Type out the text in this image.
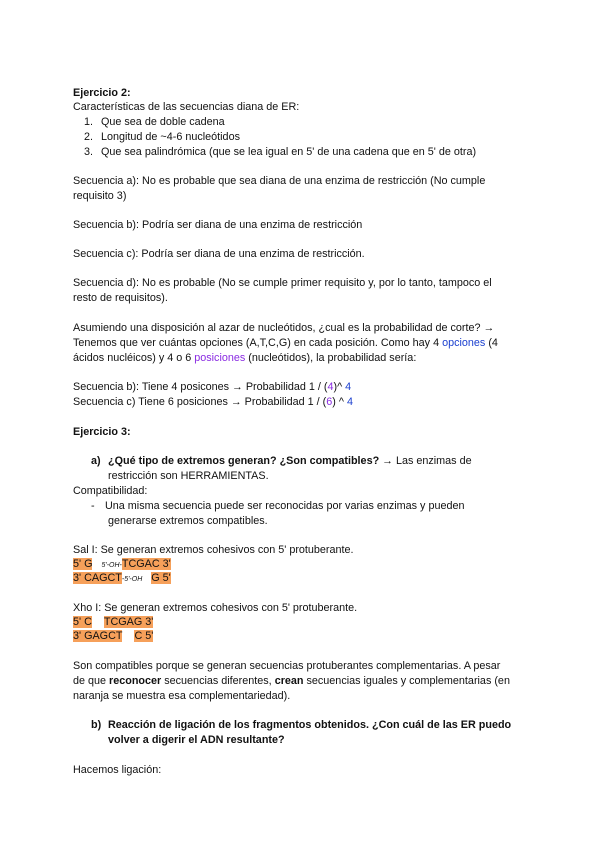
Ejercicio 2:
Características de las secuencias diana de ER:
1. Que sea de doble cadena
2. Longitud de ~4-6 nucleótidos
3. Que sea palindrómica (que se lea igual en 5' de una cadena que en 5' de otra)
Secuencia a): No es probable que sea diana de una enzima de restricción (No cumple
requisito 3)
Secuencia b): Podría ser diana de una enzima de restricción
Secuencia c): Podría ser diana de una enzima de restricción.
Secuencia d): No es probable (No se cumple primer requisito y, por lo tanto, tampoco el
resto de requisitos).
Asumiendo una disposición al azar de nucleótidos, ¿cual es la probabilidad de corte? →
Tenemos que ver cuántas opciones (A,T,C,G) en cada posición. Como hay 4 opciones (4
ácidos nucléicos) y 4 o 6 posiciones (nucleótidos), la probabilidad sería:
Secuencia b): Tiene 4 posicones → Probabilidad 1 / (4)^ 4
Secuencia c) Tiene 6 posiciones → Probabilidad 1 / (6) ^ 4
Ejercicio 3:
a) ¿Qué tipo de extremos generan? ¿Son compatibles? → Las enzimas de
restricción son HERRAMIENTAS.
Compatibilidad:
- Una misma secuencia puede ser reconocidas por varias enzimas y pueden
generarse extremos compatibles.
Sal I: Se generan extremos cohesivos con 5' protuberante.
5' G 5'-OH-TCGAC 3'
3' CAGCT-5'-OH G 5'
Xho I: Se generan extremos cohesivos con 5' protuberante.
5' C TCGAG 3'
3' GAGCT C 5'
Son compatibles porque se generan secuencias protuberantes complementarias. A pesar
de que reconocer secuencias diferentes, crean secuencias iguales y complementarias (en
naranja se muestra esa complementariedad).
b) Reacción de ligación de los fragmentos obtenidos. ¿Con cuál de las ER puedo
volver a digerir el ADN resultante?
Hacemos ligación:
